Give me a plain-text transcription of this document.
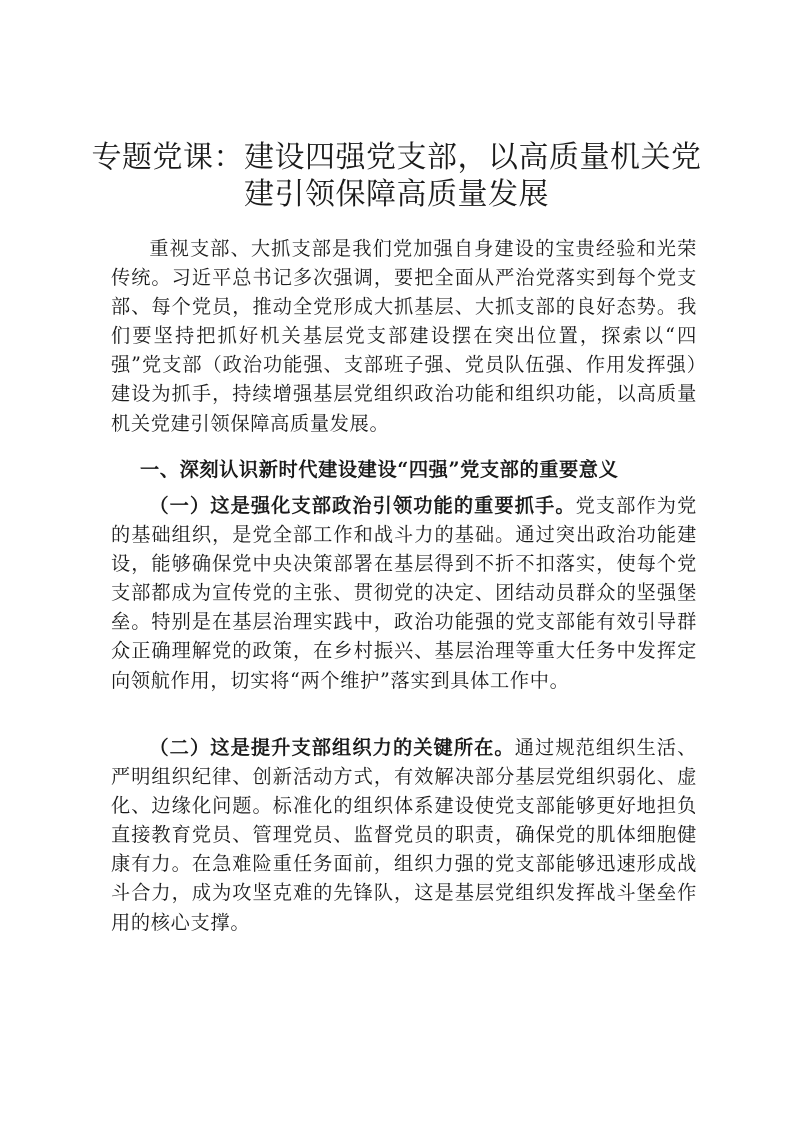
专题党课：建设四强党支部，以高质量机关党
建引领保障高质量发展

重视支部、大抓支部是我们党加强自身建设的宝贵经验和光荣传统。习近平总书记多次强调，要把全面从严治党落实到每个党支部、每个党员，推动全党形成大抓基层、大抓支部的良好态势。我们要坚持把抓好机关基层党支部建设摆在突出位置，探索以“四强”党支部（政治功能强、支部班子强、党员队伍强、作用发挥强）建设为抓手，持续增强基层党组织政治功能和组织功能，以高质量机关党建引领保障高质量发展。

一、深刻认识新时代建设建设“四强”党支部的重要意义

（一）这是强化支部政治引领功能的重要抓手。党支部作为党的基础组织，是党全部工作和战斗力的基础。通过突出政治功能建设，能够确保党中央决策部署在基层得到不折不扣落实，使每个党支部都成为宣传党的主张、贯彻党的决定、团结动员群众的坚强堡垒。特别是在基层治理实践中，政治功能强的党支部能有效引导群众正确理解党的政策，在乡村振兴、基层治理等重大任务中发挥定向领航作用，切实将“两个维护”落实到具体工作中。

（二）这是提升支部组织力的关键所在。通过规范组织生活、严明组织纪律、创新活动方式，有效解决部分基层党组织弱化、虚化、边缘化问题。标准化的组织体系建设使党支部能够更好地担负直接教育党员、管理党员、监督党员的职责，确保党的肌体细胞健康有力。在急难险重任务面前，组织力强的党支部能够迅速形成战斗合力，成为攻坚克难的先锋队，这是基层党组织发挥战斗堡垒作用的核心支撑。
